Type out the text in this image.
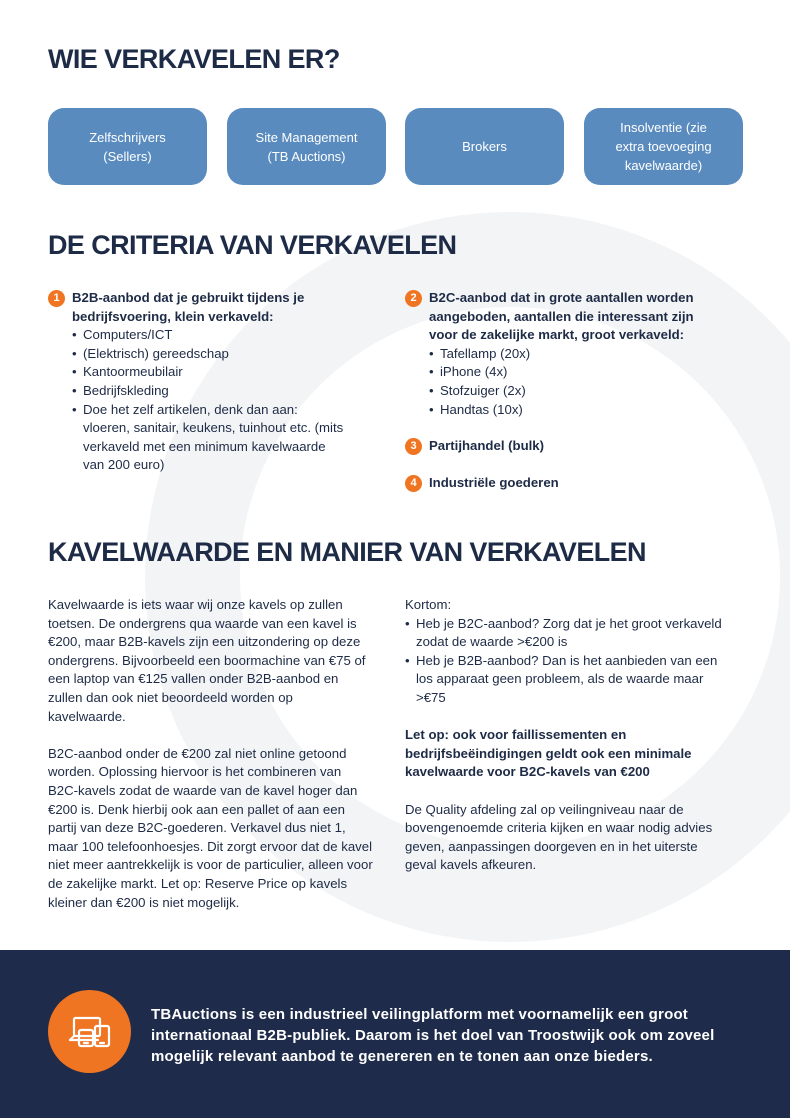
WIE VERKAVELEN ER?
Zelfschrijvers
(Sellers)
Site Management
(TB Auctions)
Brokers
Insolventie (zie
extra toevoeging
kavelwaarde)
DE CRITERIA VAN VERKAVELEN
1 B2B-aanbod dat je gebruikt tijdens je bedrijfsvoering, klein verkaveld:
• Computers/ICT
• (Elektrisch) gereedschap
• Kantoormeubilair
• Bedrijfskleding
• Doe het zelf artikelen, denk dan aan: vloeren, sanitair, keukens, tuinhout etc. (mits verkaveld met een minimum kavelwaarde van 200 euro)
2 B2C-aanbod dat in grote aantallen worden aangeboden, aantallen die interessant zijn voor de zakelijke markt, groot verkaveld:
• Tafellamp (20x)
• iPhone (4x)
• Stofzuiger (2x)
• Handtas (10x)
3 Partijhandel (bulk)
4 Industriële goederen
KAVELWAARDE EN MANIER VAN VERKAVELEN

Kavelwaarde is iets waar wij onze kavels op zullen toetsen. De ondergrens qua waarde van een kavel is €200, maar B2B-kavels zijn een uitzondering op deze ondergrens. Bijvoorbeeld een boormachine van €75 of een laptop van €125 vallen onder B2B-aanbod en zullen dan ook niet beoordeeld worden op kavelwaarde.

B2C-aanbod onder de €200 zal niet online getoond worden. Oplossing hiervoor is het combineren van B2C-kavels zodat de waarde van de kavel hoger dan €200 is. Denk hierbij ook aan een pallet of aan een partij van deze B2C-goederen. Verkavel dus niet 1, maar 100 telefoonhoesjes. Dit zorgt ervoor dat de kavel niet meer aantrekkelijk is voor de particulier, alleen voor de zakelijke markt. Let op: Reserve Price op kavels kleiner dan €200 is niet mogelijk.

Kortom:
• Heb je B2C-aanbod? Zorg dat je het groot verkaveld zodat de waarde >€200 is
• Heb je B2B-aanbod? Dan is het aanbieden van een los apparaat geen probleem, als de waarde maar >€75

Let op: ook voor faillissementen en bedrijfsbeëindigingen geldt ook een minimale kavelwaarde voor B2C-kavels van €200

De Quality afdeling zal op veilingniveau naar de bovengenoemde criteria kijken en waar nodig advies geven, aanpassingen doorgeven en in het uiterste geval kavels afkeuren.

TBAuctions is een industrieel veilingplatform met voornamelijk een groot internationaal B2B-publiek. Daarom is het doel van Troostwijk ook om zoveel mogelijk relevant aanbod te genereren en te tonen aan onze bieders.
